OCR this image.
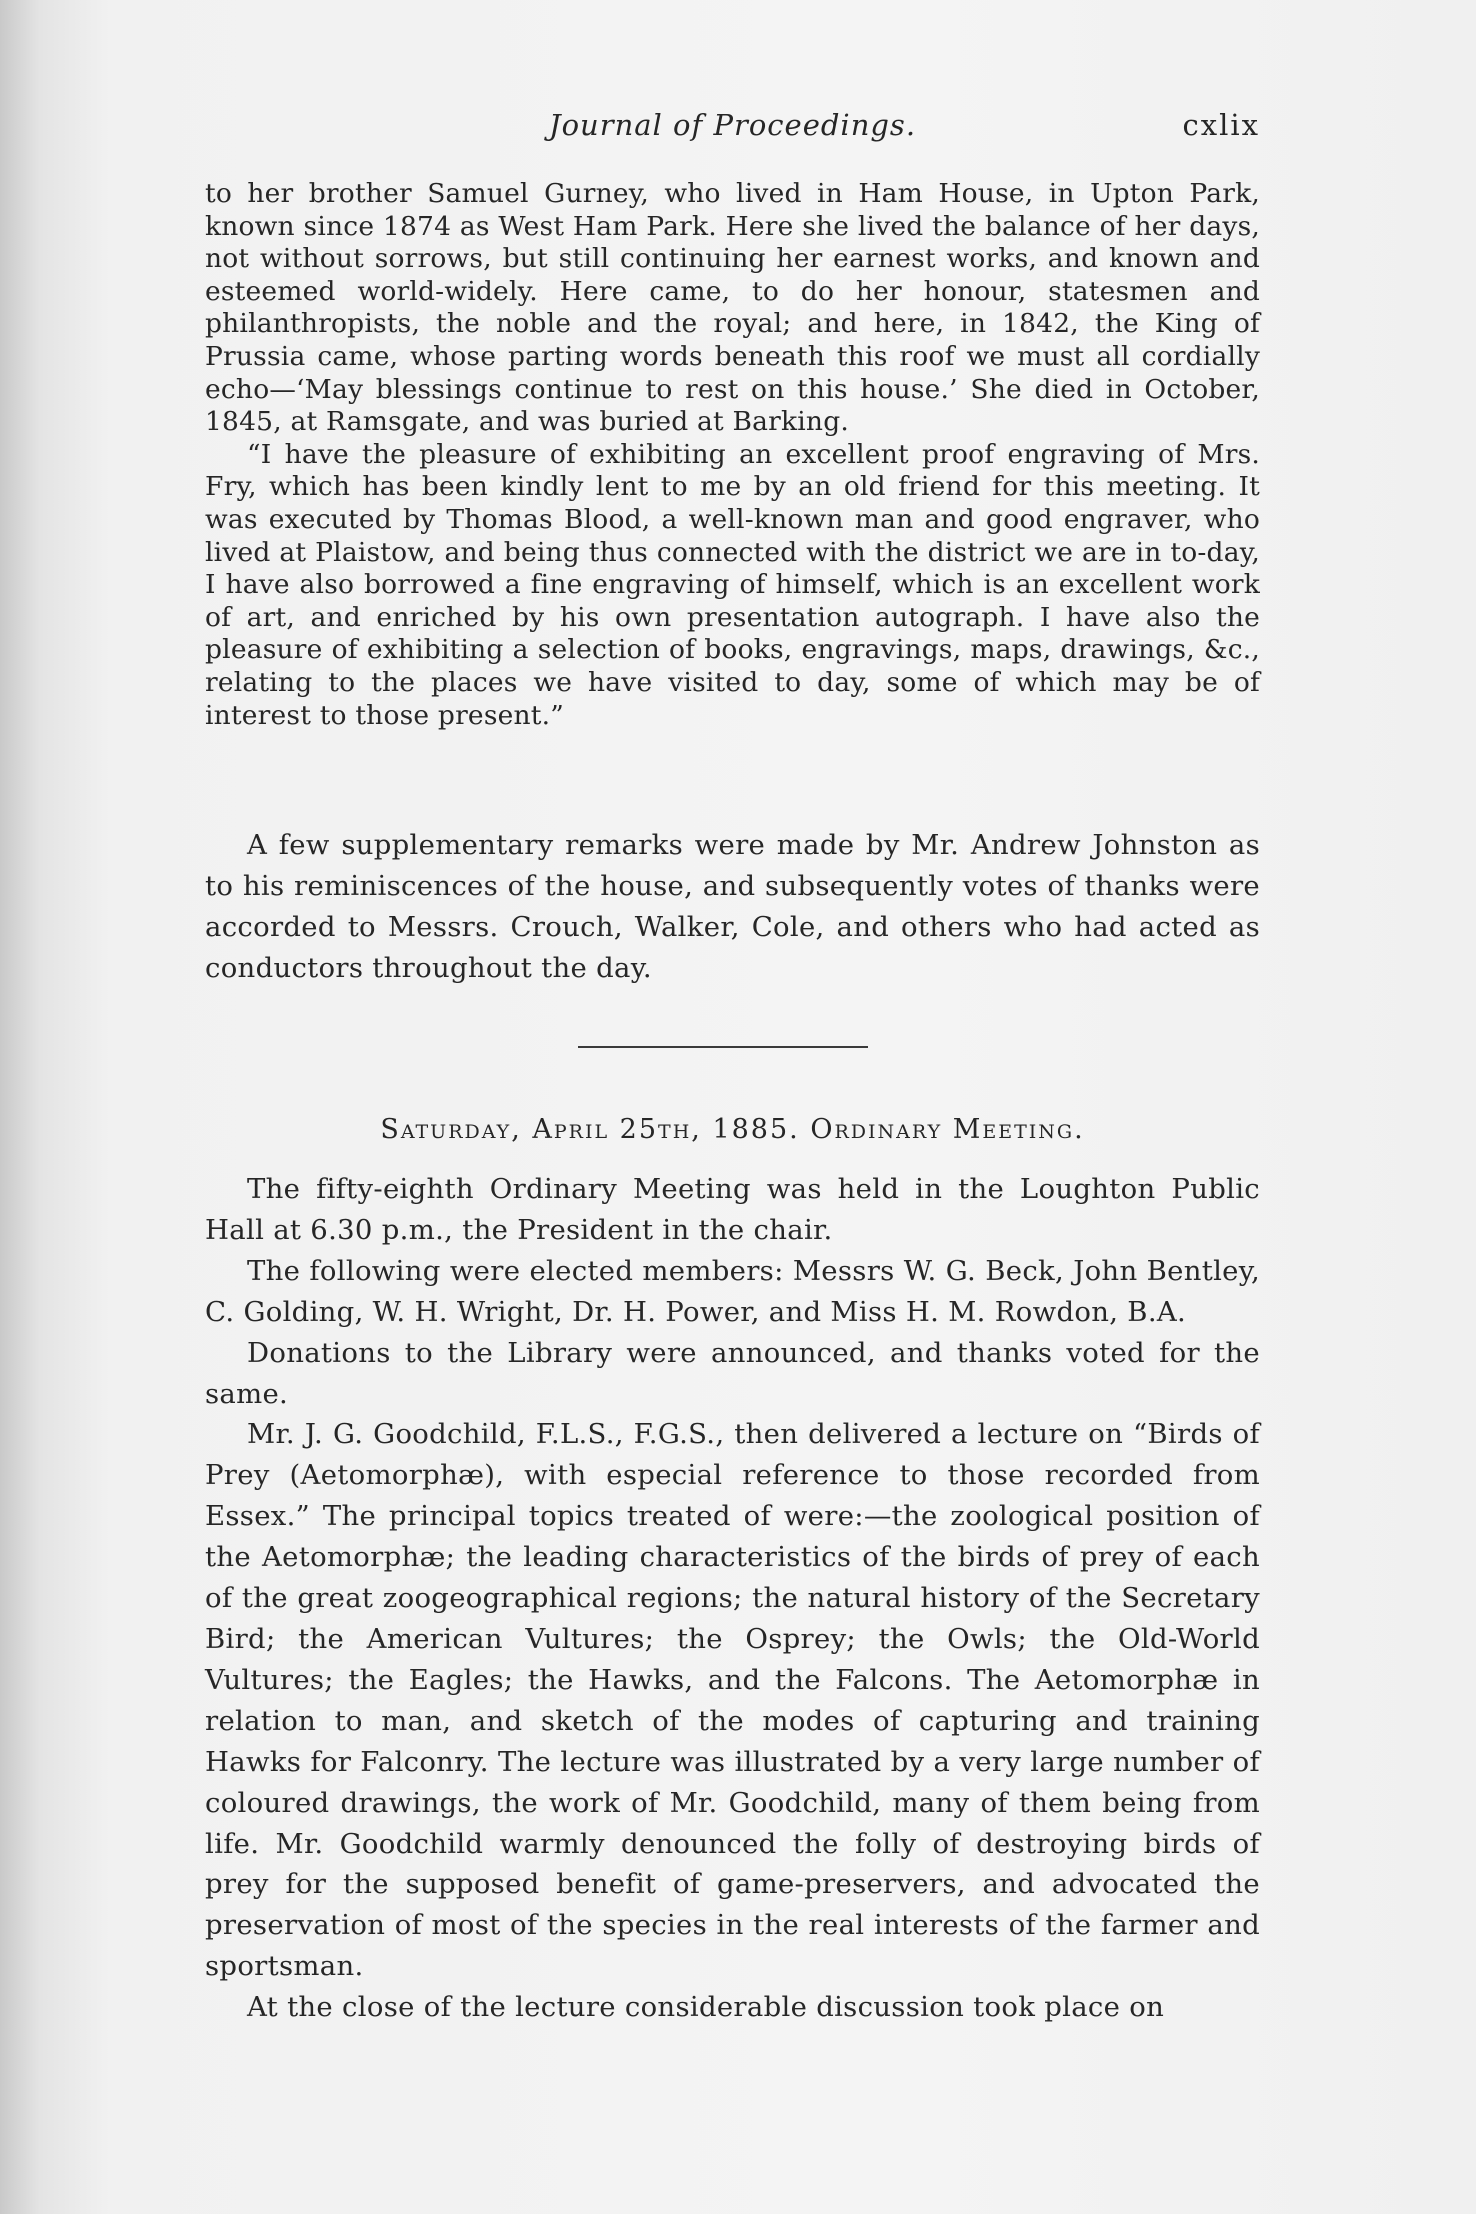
Journal of Proceedings.	cxlix

to her brother Samuel Gurney, who lived in Ham House, in Upton Park, known since 1874 as West Ham Park. Here she lived the balance of her days, not without sorrows, but still continuing her earnest works, and known and esteemed world-widely. Here came, to do her honour, statesmen and philanthropists, the noble and the royal; and here, in 1842, the King of Prussia came, whose parting words beneath this roof we must all cordially echo—‘May blessings continue to rest on this house.’ She died in October, 1845, at Ramsgate, and was buried at Barking.

“I have the pleasure of exhibiting an excellent proof engraving of Mrs. Fry, which has been kindly lent to me by an old friend for this meeting. It was executed by Thomas Blood, a well-known man and good engraver, who lived at Plaistow, and being thus connected with the district we are in to-day, I have also borrowed a fine engraving of himself, which is an excellent work of art, and enriched by his own presentation autograph. I have also the pleasure of exhibiting a selection of books, engravings, maps, drawings, &c., relating to the places we have visited to day, some of which may be of interest to those present.”

A few supplementary remarks were made by Mr. Andrew Johnston as to his reminiscences of the house, and subsequently votes of thanks were accorded to Messrs. Crouch, Walker, Cole, and others who had acted as conductors throughout the day.

Saturday, April 25th, 1885. Ordinary Meeting.

The fifty-eighth Ordinary Meeting was held in the Loughton Public Hall at 6.30 p.m., the President in the chair.

The following were elected members: Messrs W. G. Beck, John Bentley, C. Golding, W. H. Wright, Dr. H. Power, and Miss H. M. Rowdon, B.A.

Donations to the Library were announced, and thanks voted for the same.

Mr. J. G. Goodchild, F.L.S., F.G.S., then delivered a lecture on “Birds of Prey (Aetomorphæ), with especial reference to those recorded from Essex.” The principal topics treated of were:—the zoological position of the Aetomorphæ; the leading characteristics of the birds of prey of each of the great zoogeographical regions; the natural history of the Secretary Bird; the American Vultures; the Osprey; the Owls; the Old-World Vultures; the Eagles; the Hawks, and the Falcons. The Aetomorphæ in relation to man, and sketch of the modes of capturing and training Hawks for Falconry. The lecture was illustrated by a very large number of coloured drawings, the work of Mr. Goodchild, many of them being from life. Mr. Goodchild warmly denounced the folly of destroying birds of prey for the supposed benefit of game-preservers, and advocated the preservation of most of the species in the real interests of the farmer and sportsman.

At the close of the lecture considerable discussion took place on
